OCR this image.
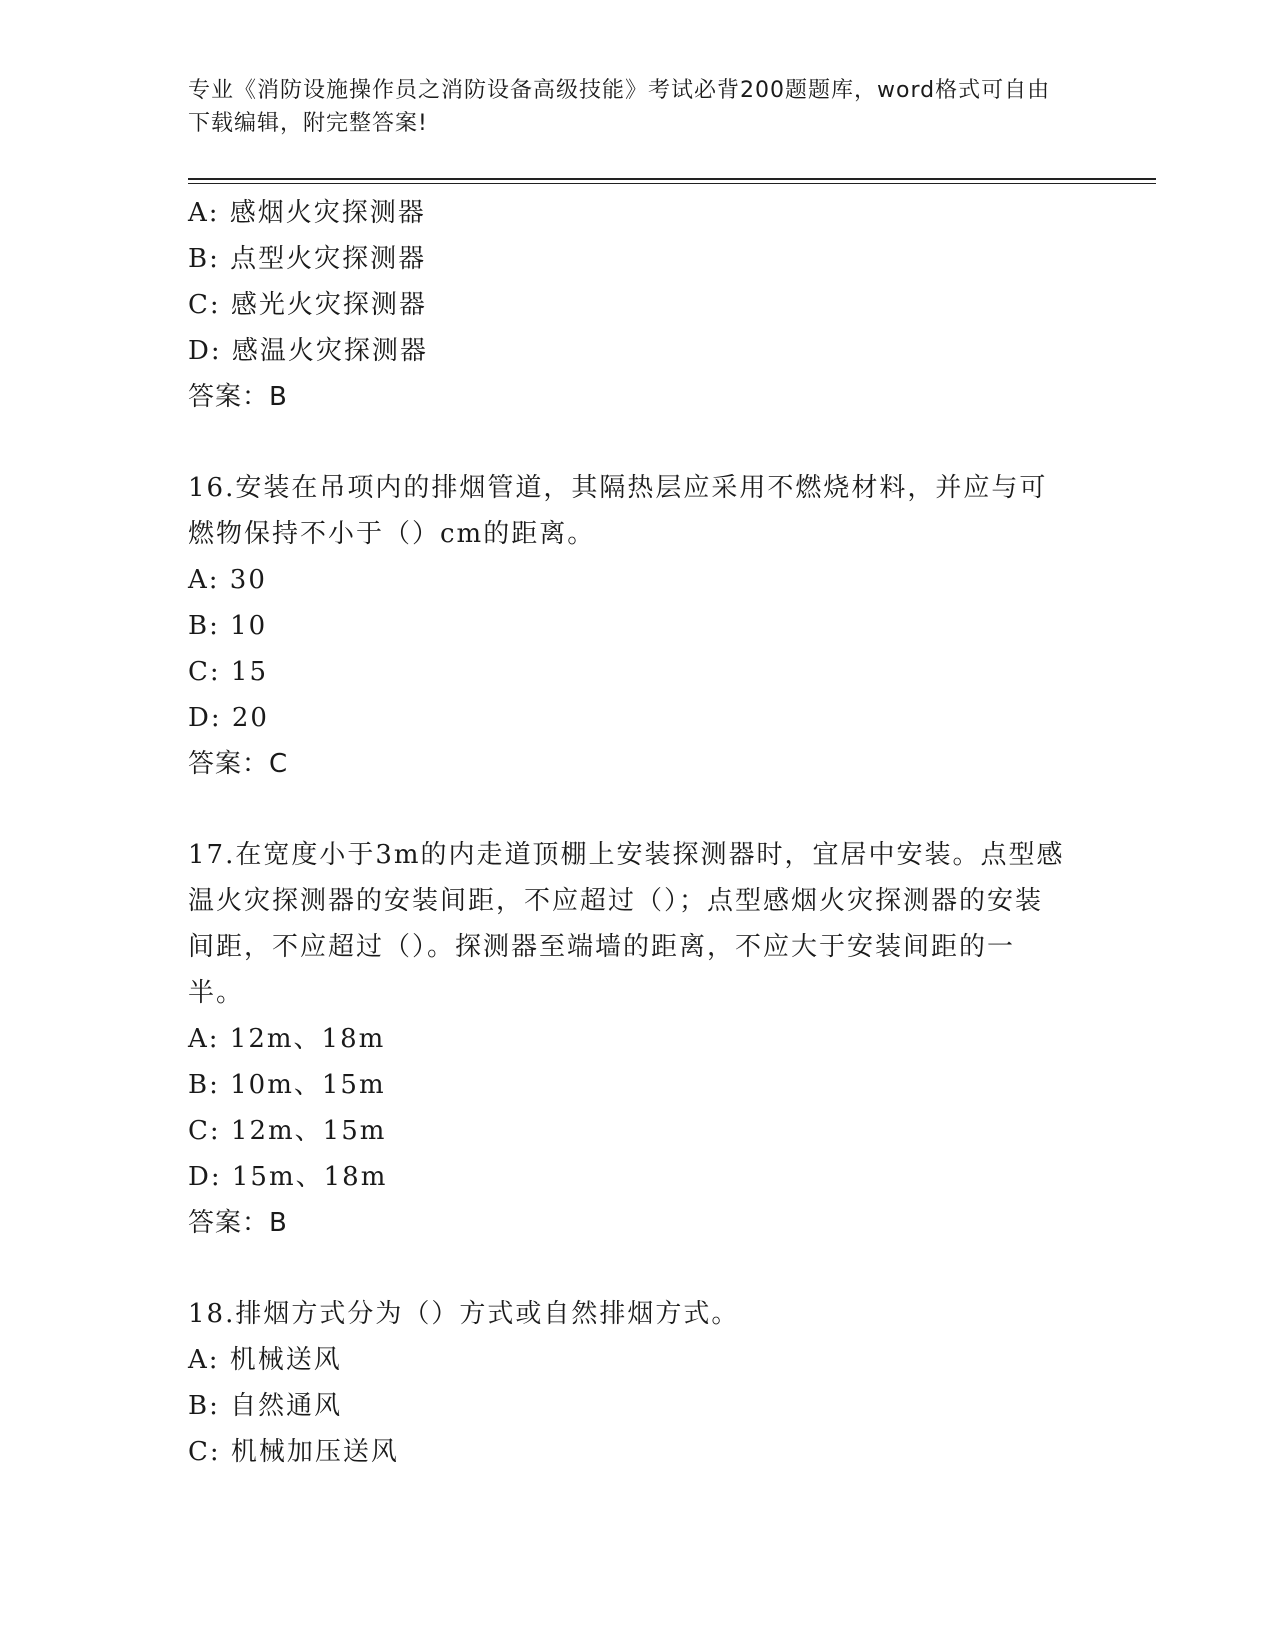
专业《消防设施操作员之消防设备高级技能》考试必背200题题库，word格式可自由下载编辑，附完整答案!
A: 感烟火灾探测器
B: 点型火灾探测器
C: 感光火灾探测器
D: 感温火灾探测器
答案：B
16.安装在吊项内的排烟管道，其隔热层应采用不燃烧材料，并应与可燃物保持不小于（）cm的距离。
A: 30
B: 10
C: 15
D: 20
答案：C
17.在宽度小于3m的内走道顶棚上安装探测器时，宜居中安装。点型感温火灾探测器的安装间距，不应超过（）；点型感烟火灾探测器的安装间距，不应超过（）。探测器至端墙的距离，不应大于安装间距的一半。
A: 12m、18m
B: 10m、15m
C: 12m、15m
D: 15m、18m
答案：B
18.排烟方式分为（）方式或自然排烟方式。
A: 机械送风
B: 自然通风
C: 机械加压送风
